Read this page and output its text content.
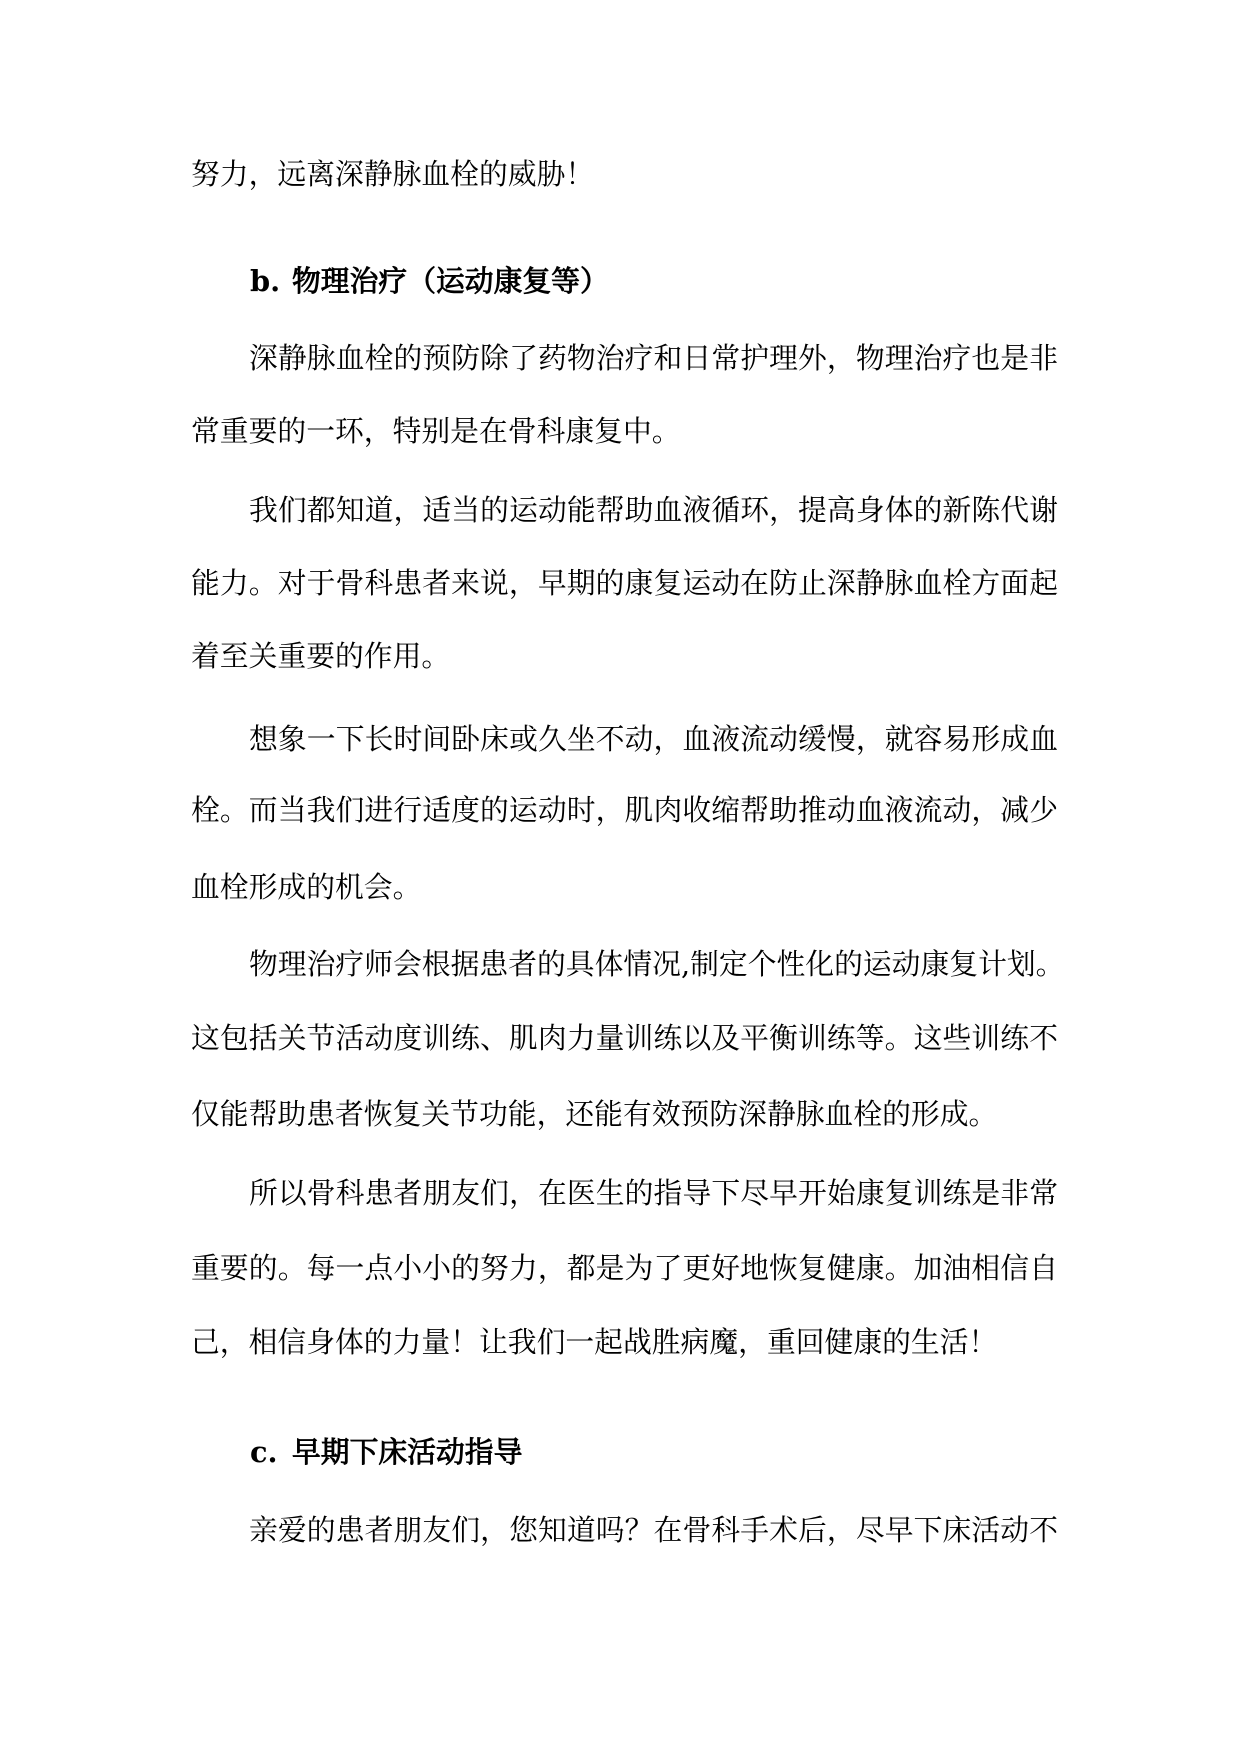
努力，远离深静脉血栓的威胁！
b. 物理治疗（运动康复等）
深静脉血栓的预防除了药物治疗和日常护理外，物理治疗也是非
常重要的一环，特别是在骨科康复中。
我们都知道，适当的运动能帮助血液循环，提高身体的新陈代谢
能力。对于骨科患者来说，早期的康复运动在防止深静脉血栓方面起
着至关重要的作用。
想象一下长时间卧床或久坐不动，血液流动缓慢，就容易形成血
栓。而当我们进行适度的运动时，肌肉收缩帮助推动血液流动，减少
血栓形成的机会。
物理治疗师会根据患者的具体情况,制定个性化的运动康复计划。
这包括关节活动度训练、肌肉力量训练以及平衡训练等。这些训练不
仅能帮助患者恢复关节功能，还能有效预防深静脉血栓的形成。
所以骨科患者朋友们，在医生的指导下尽早开始康复训练是非常
重要的。每一点小小的努力，都是为了更好地恢复健康。加油相信自
己，相信身体的力量！让我们一起战胜病魔，重回健康的生活！
c. 早期下床活动指导
亲爱的患者朋友们，您知道吗？在骨科手术后，尽早下床活动不
